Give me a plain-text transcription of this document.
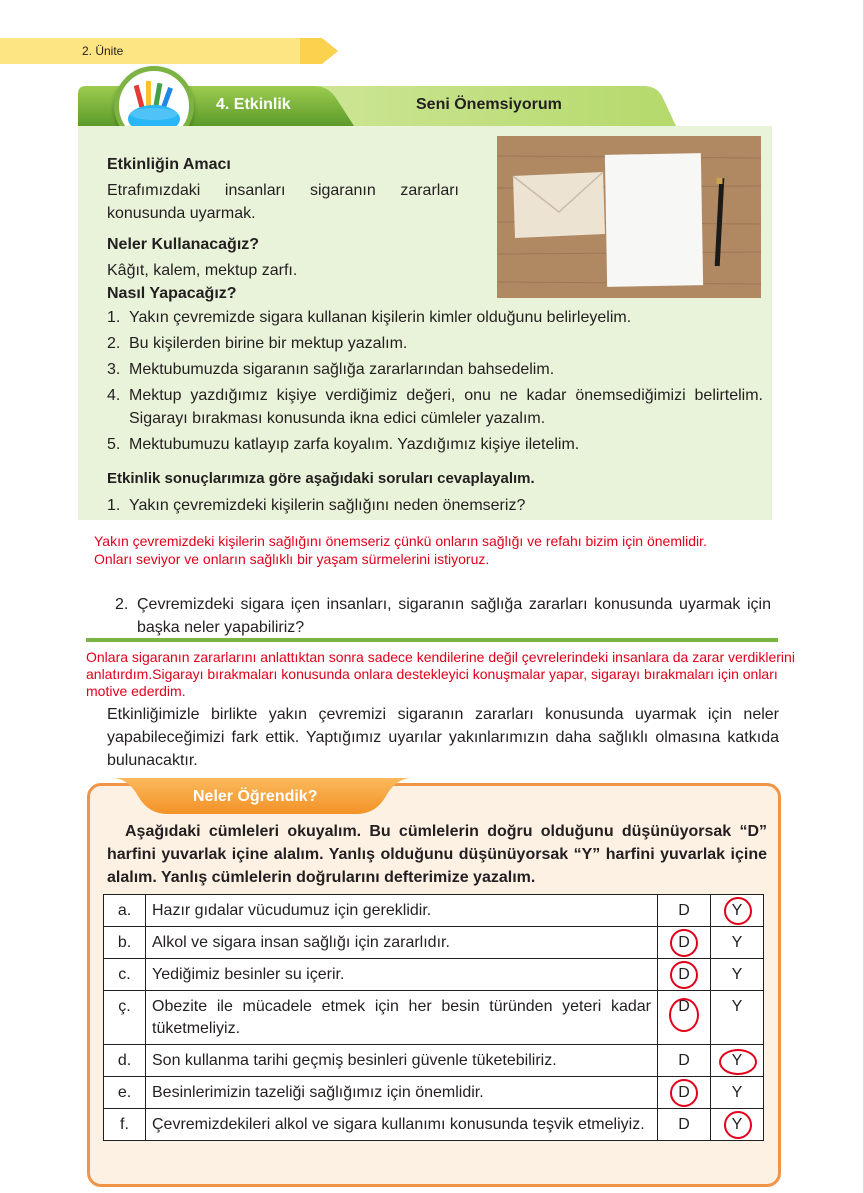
2. Ünite
4. Etkinlik	Seni Önemsiyorum
Etkinliğin Amacı
Etrafımızdaki insanları sigaranın zararları konusunda uyarmak.
Neler Kullanacağız?
Kâğıt, kalem, mektup zarfı.
Nasıl Yapacağız?
1. Yakın çevremizde sigara kullanan kişilerin kimler olduğunu belirleyelim.
2. Bu kişilerden birine bir mektup yazalım.
3. Mektubumuzda sigaranın sağlığa zararlarından bahsedelim.
4. Mektup yazdığımız kişiye verdiğimiz değeri, onu ne kadar önemsediğimizi belirtelim. Sigarayı bırakması konusunda ikna edici cümleler yazalım.
5. Mektubumuzu katlayıp zarfa koyalım. Yazdığımız kişiye iletelim.
Etkinlik sonuçlarımıza göre aşağıdaki soruları cevaplayalım.
1. Yakın çevremizdeki kişilerin sağlığını neden önemseriz?
Yakın çevremizdeki kişilerin sağlığını önemseriz çünkü onların sağlığı ve refahı bizim için önemlidir. Onları seviyor ve onların sağlıklı bir yaşam sürmelerini istiyoruz.
2. Çevremizdeki sigara içen insanları, sigaranın sağlığa zararları konusunda uyarmak için başka neler yapabiliriz?
Onlara sigaranın zararlarını anlattıktan sonra sadece kendilerine değil çevrelerindeki insanlara da zarar verdiklerini anlatırdım.Sigarayı bırakmaları konusunda onlara destekleyici konuşmalar yapar, sigarayı bırakmaları için onları motive ederdim.
Etkinliğimizle birlikte yakın çevremizi sigaranın zararları konusunda uyarmak için neler yapabileceğimizi fark ettik. Yaptığımız uyarılar yakınlarımızın daha sağlıklı olmasına katkıda bulunacaktır.
Neler Öğrendik?
Aşağıdaki cümleleri okuyalım. Bu cümlelerin doğru olduğunu düşünüyorsak “D” harfini yuvarlak içine alalım. Yanlış olduğunu düşünüyorsak “Y” harfini yuvarlak içine alalım. Yanlış cümlelerin doğrularını defterimize yazalım.
a.	Hazır gıdalar vücudumuz için gereklidir.	D	Y
b.	Alkol ve sigara insan sağlığı için zararlıdır.	D	Y
c.	Yediğimiz besinler su içerir.	D	Y
ç.	Obezite ile mücadele etmek için her besin türünden yeteri kadar tüketmeliyiz.	D	Y
d.	Son kullanma tarihi geçmiş besinleri güvenle tüketebiliriz.	D	Y
e.	Besinlerimizin tazeliği sağlığımız için önemlidir.	D	Y
f.	Çevremizdekileri alkol ve sigara kullanımı konusunda teşvik etmeliyiz.	D	Y
